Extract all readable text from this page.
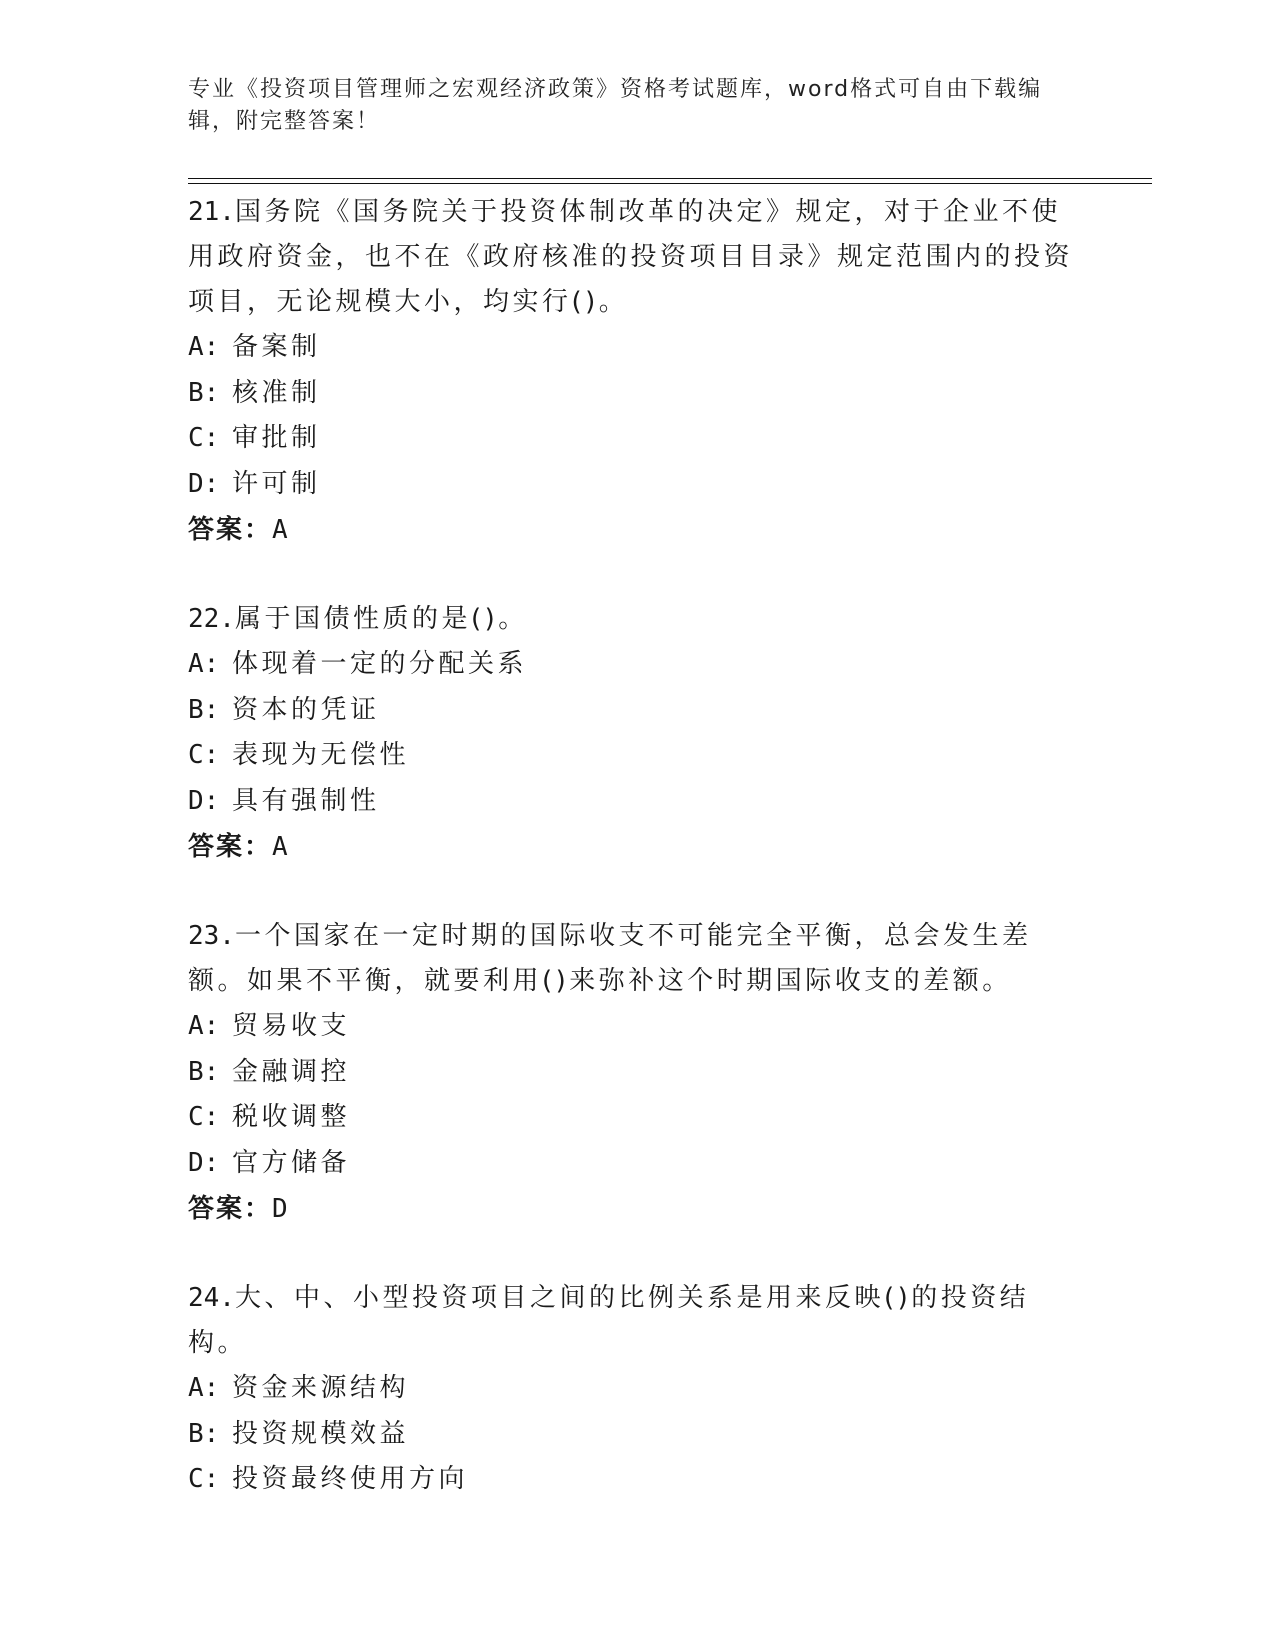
专业《投资项目管理师之宏观经济政策》资格考试题库，word格式可自由下载编辑，附完整答案！
21.国务院《国务院关于投资体制改革的决定》规定，对于企业不使用政府资金，也不在《政府核准的投资项目目录》规定范围内的投资项目，无论规模大小，均实行()。
A: 备案制
B: 核准制
C: 审批制
D: 许可制
答案：A
22.属于国债性质的是()。
A: 体现着一定的分配关系
B: 资本的凭证
C: 表现为无偿性
D: 具有强制性
答案：A
23.一个国家在一定时期的国际收支不可能完全平衡，总会发生差额。如果不平衡，就要利用()来弥补这个时期国际收支的差额。
A: 贸易收支
B: 金融调控
C: 税收调整
D: 官方储备
答案：D
24.大、中、小型投资项目之间的比例关系是用来反映()的投资结构。
A: 资金来源结构
B: 投资规模效益
C: 投资最终使用方向
